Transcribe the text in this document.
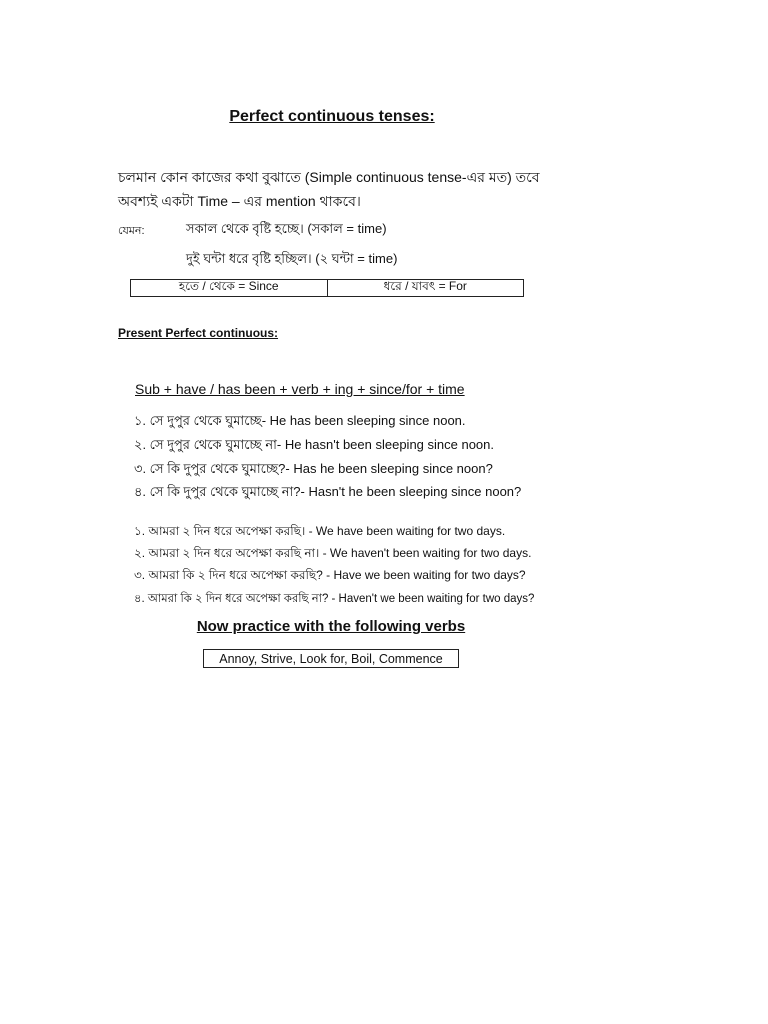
Perfect continuous tenses:
চলমান কোন কাজের কথা বুঝাতে (Simple continuous tense-এর মত) তবে
অবশ্যই একটা Time – এর mention থাকবে।
যেমন:	সকাল থেকে বৃষ্টি হচ্ছে। (সকাল = time)
দুই ঘন্টা ধরে বৃষ্টি হচ্ছিল। (২ ঘন্টা = time)
হতে / থেকে = Since	ধরে / যাবৎ = For
Present Perfect continuous:
Sub + have / has been + verb + ing + since/for + time
১. সে দুপুর থেকে ঘুমাচ্ছে- He has been sleeping since noon.
২. সে দুপুর থেকে ঘুমাচ্ছে না- He hasn't been sleeping since noon.
৩. সে কি দুপুর থেকে ঘুমাচ্ছে?- Has he been sleeping since noon?
৪. সে কি দুপুর থেকে ঘুমাচ্ছে না?- Hasn't he been sleeping since noon?
১. আমরা ২ দিন ধরে অপেক্ষা করছি। - We have been waiting for two days.
২. আমরা ২ দিন ধরে অপেক্ষা করছি না। - We haven't been waiting for two days.
৩. আমরা কি ২ দিন ধরে অপেক্ষা করছি? - Have we been waiting for two days?
৪. আমরা কি ২ দিন ধরে অপেক্ষা করছি না? - Haven't we been waiting for two days?
Now practice with the following verbs
Annoy, Strive, Look for, Boil, Commence
